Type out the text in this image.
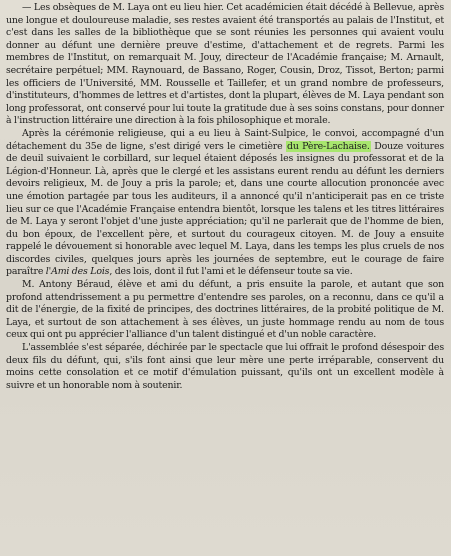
— Les obsèques de M. Laya ont eu lieu hier. Cet académicien était décédé à Bellevue, après une longue et douloureuse maladie, ses restes avaient été transportés au palais de l'Institut, et c'est dans les salles de la bibliothèque que se sont réunies les personnes qui avaient voulu donner au défunt une dernière preuve d'estime, d'attachement et de regrets. Parmi les membres de l'Institut, on remarquait M. Jouy, directeur de l'Académie française; M. Arnault, secrétaire perpétuel; MM. Raynouard, de Bassano, Roger, Cousin, Droz, Tissot, Berton; parmi les officiers de l'Université, MM. Rousselle et Taillefer, et un grand nombre de professeurs, d'instituteurs, d'hommes de lettres et d'artistes, dont la plupart, élèves de M. Laya pendant son long professorat, ont conservé pour lui toute la gratitude due à ses soins constans, pour donner à l'instruction littéraire une direction à la fois philosophique et morale.

Après la cérémonie religieuse, qui a eu lieu à Saint-Sulpice, le convoi, accompagné d'un détachement du 35e de ligne, s'est dirigé vers le cimetière du Père-Lachaise. Douze voitures de deuil suivaient le corbillard, sur lequel étaient déposés les insignes du professorat et de la Légion-d'Honneur. Là, après que le clergé et les assistans eurent rendu au défunt les derniers devoirs religieux, M. de Jouy a pris la parole; et, dans une courte allocution prononcée avec une émotion partagée par tous les auditeurs, il a annoncé qu'il n'anticiperait pas en ce triste lieu sur ce que l'Académie Française entendra bientôt, lorsque les talens et les titres littéraires de M. Laya y seront l'objet d'une juste appréciation; qu'il ne parlerait que de l'homme de bien, du bon époux, de l'excellent père, et surtout du courageux citoyen. M. de Jouy a ensuite rappelé le dévouement si honorable avec lequel M. Laya, dans les temps les plus cruels de nos discordes civiles, quelques jours après les journées de septembre, eut le courage de faire paraître l'Ami des Lois, des lois, dont il fut l'ami et le défenseur toute sa vie.

M. Antony Béraud, élève et ami du défunt, a pris ensuite la parole, et autant que son profond attendrissement a pu permettre d'entendre ses paroles, on a reconnu, dans ce qu'il a dit de l'énergie, de la fixité de principes, des doctrines littéraires, de la probité politique de M. Laya, et surtout de son attachement à ses élèves, un juste hommage rendu au nom de tous ceux qui ont pu apprécier l'alliance d'un talent distingué et d'un noble caractère.

L'assemblée s'est séparée, déchirée par le spectacle que lui offrait le profond désespoir des deux fils du défunt, qui, s'ils font ainsi que leur mère une perte irréparable, conservent du moins cette consolation et ce motif d'émulation puissant, qu'ils ont un excellent modèle à suivre et un honorable nom à soutenir.
